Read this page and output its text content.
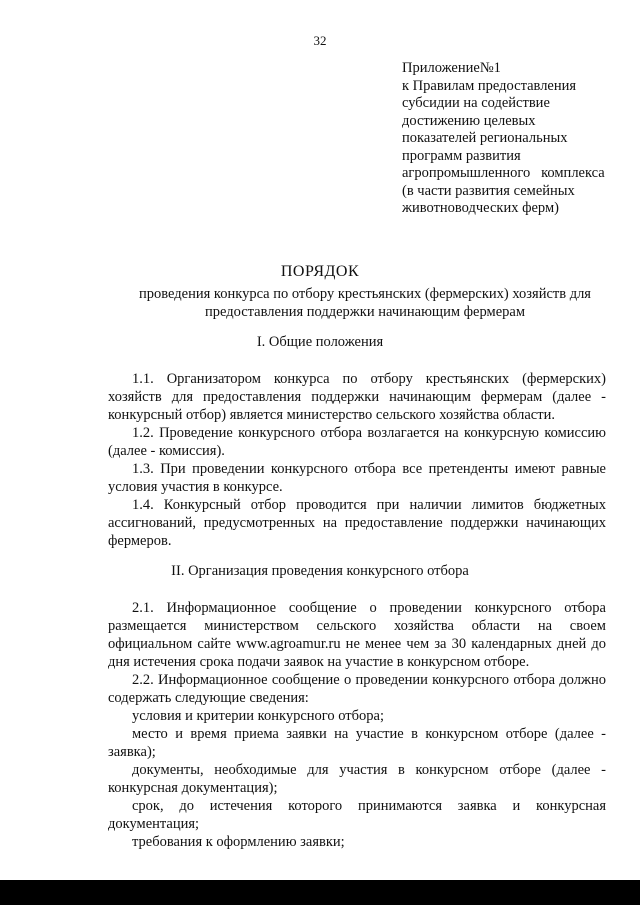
32
Приложение№1
к Правилам предоставления
субсидии на содействие
достижению целевых
показателей региональных
программ развития
агропромышленного   комплекса
(в части развития семейных
животноводческих ферм)
ПОРЯДОК
проведения конкурса по отбору крестьянских (фермерских) хозяйств для предоставления поддержки начинающим фермерам
I. Общие положения
1.1. Организатором конкурса по отбору крестьянских (фермерских) хозяйств для предоставления поддержки начинающим фермерам (далее - конкурсный отбор) является министерство сельского хозяйства области.
1.2. Проведение конкурсного отбора возлагается на конкурсную комиссию (далее - комиссия).
1.3. При проведении конкурсного отбора все претенденты имеют равные условия участия в конкурсе.
1.4. Конкурсный отбор проводится при наличии лимитов бюджетных ассигнований, предусмотренных на предоставление поддержки начинающих фермеров.
II. Организация проведения конкурсного отбора
2.1. Информационное сообщение о проведении конкурсного отбора размещается министерством сельского хозяйства области на своем официальном сайте www.agroamur.ru не менее чем за 30 календарных дней до дня истечения срока подачи заявок на участие в конкурсном отборе.
2.2. Информационное сообщение о проведении конкурсного отбора должно содержать следующие сведения:
условия и критерии конкурсного отбора;
место и время приема заявки на участие в конкурсном отборе (далее - заявка);
документы, необходимые для участия в конкурсном отборе (далее - конкурсная документация);
срок, до истечения которого принимаются заявка и конкурсная документация;
требования к оформлению заявки;
